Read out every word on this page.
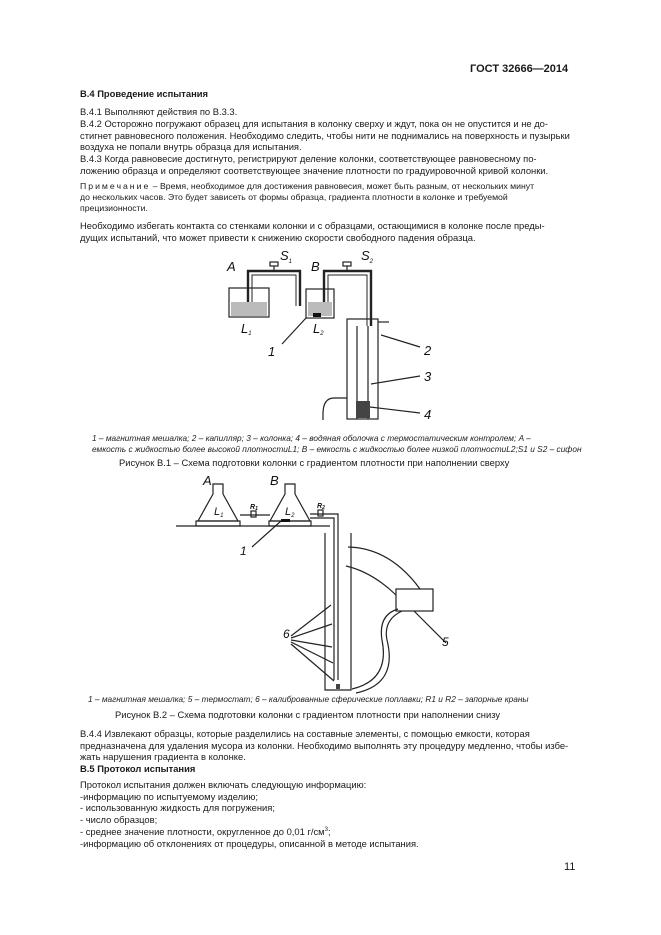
ГОСТ 32666—2014
В.4 Проведение испытания
В.4.1 Выполняют действия по В.3.3.
В.4.2 Осторожно погружают образец для испытания в колонку сверху и ждут, пока он не опустится и не до-
стигнет равновесного положения. Необходимо следить, чтобы нити не поднимались на поверхность и пузырьки
воздуха не попали внутрь образца для испытания.
В.4.3 Когда равновесие достигнуто, регистрируют деление колонки, соответствующее равновесному по-
ложению образца и определяют соответствующее значение плотности по градуировочной кривой колонки.
Примечание – Время, необходимое для достижения равновесия, может быть разным, от нескольких минут
до нескольких часов. Это будет зависеть от формы образца, градиента плотности в колонке и требуемой
прецизионности.
Необходимо избегать контакта со стенками колонки и с образцами, остающимися в колонке после преды-
дущих испытаний, что может привести к снижению скорости свободного падения образца.
A
$S_1$ B
$S_2$
L1	L2
1	2
3
4
A	B
L1	L2
R1	R2
1
5
6
1 – магнитная мешалка; 2 – капилляр; 3 – колонка; 4 – водяная оболочка с термостатическим контролем; A –
емкость с жидкостью более высокой плотностиL1; B – емкость с жидкостью более низкой плотностиL2;S1 и S2 – сифон
Рисунок В.1 – Схема подготовки колонки с градиентом плотности при наполнении сверху
1 – магнитная мешалка; 5 – термостат; 6 – калиброванные сферические поплавки; R1 и R2 – запорные краны
Рисунок В.2 – Схема подготовки колонки с градиентом плотности при наполнении снизу
В.4.4 Извлекают образцы, которые разделились на составные элементы, с помощью емкости, которая
предназначена для удаления мусора из колонки. Необходимо выполнять эту процедуру медленно, чтобы избе-
жать нарушения градиента в колонке.
В.5 Протокол испытания
Протокол испытания должен включать следующую информацию:
-информацию по испытуемому изделию;
- использованную жидкость для погружения;
- число образцов;
- среднее значение плотности, округленное до 0,01 $г/см^3$;
-информацию об отклонениях от процедуры, описанной в методе испытания.
11
